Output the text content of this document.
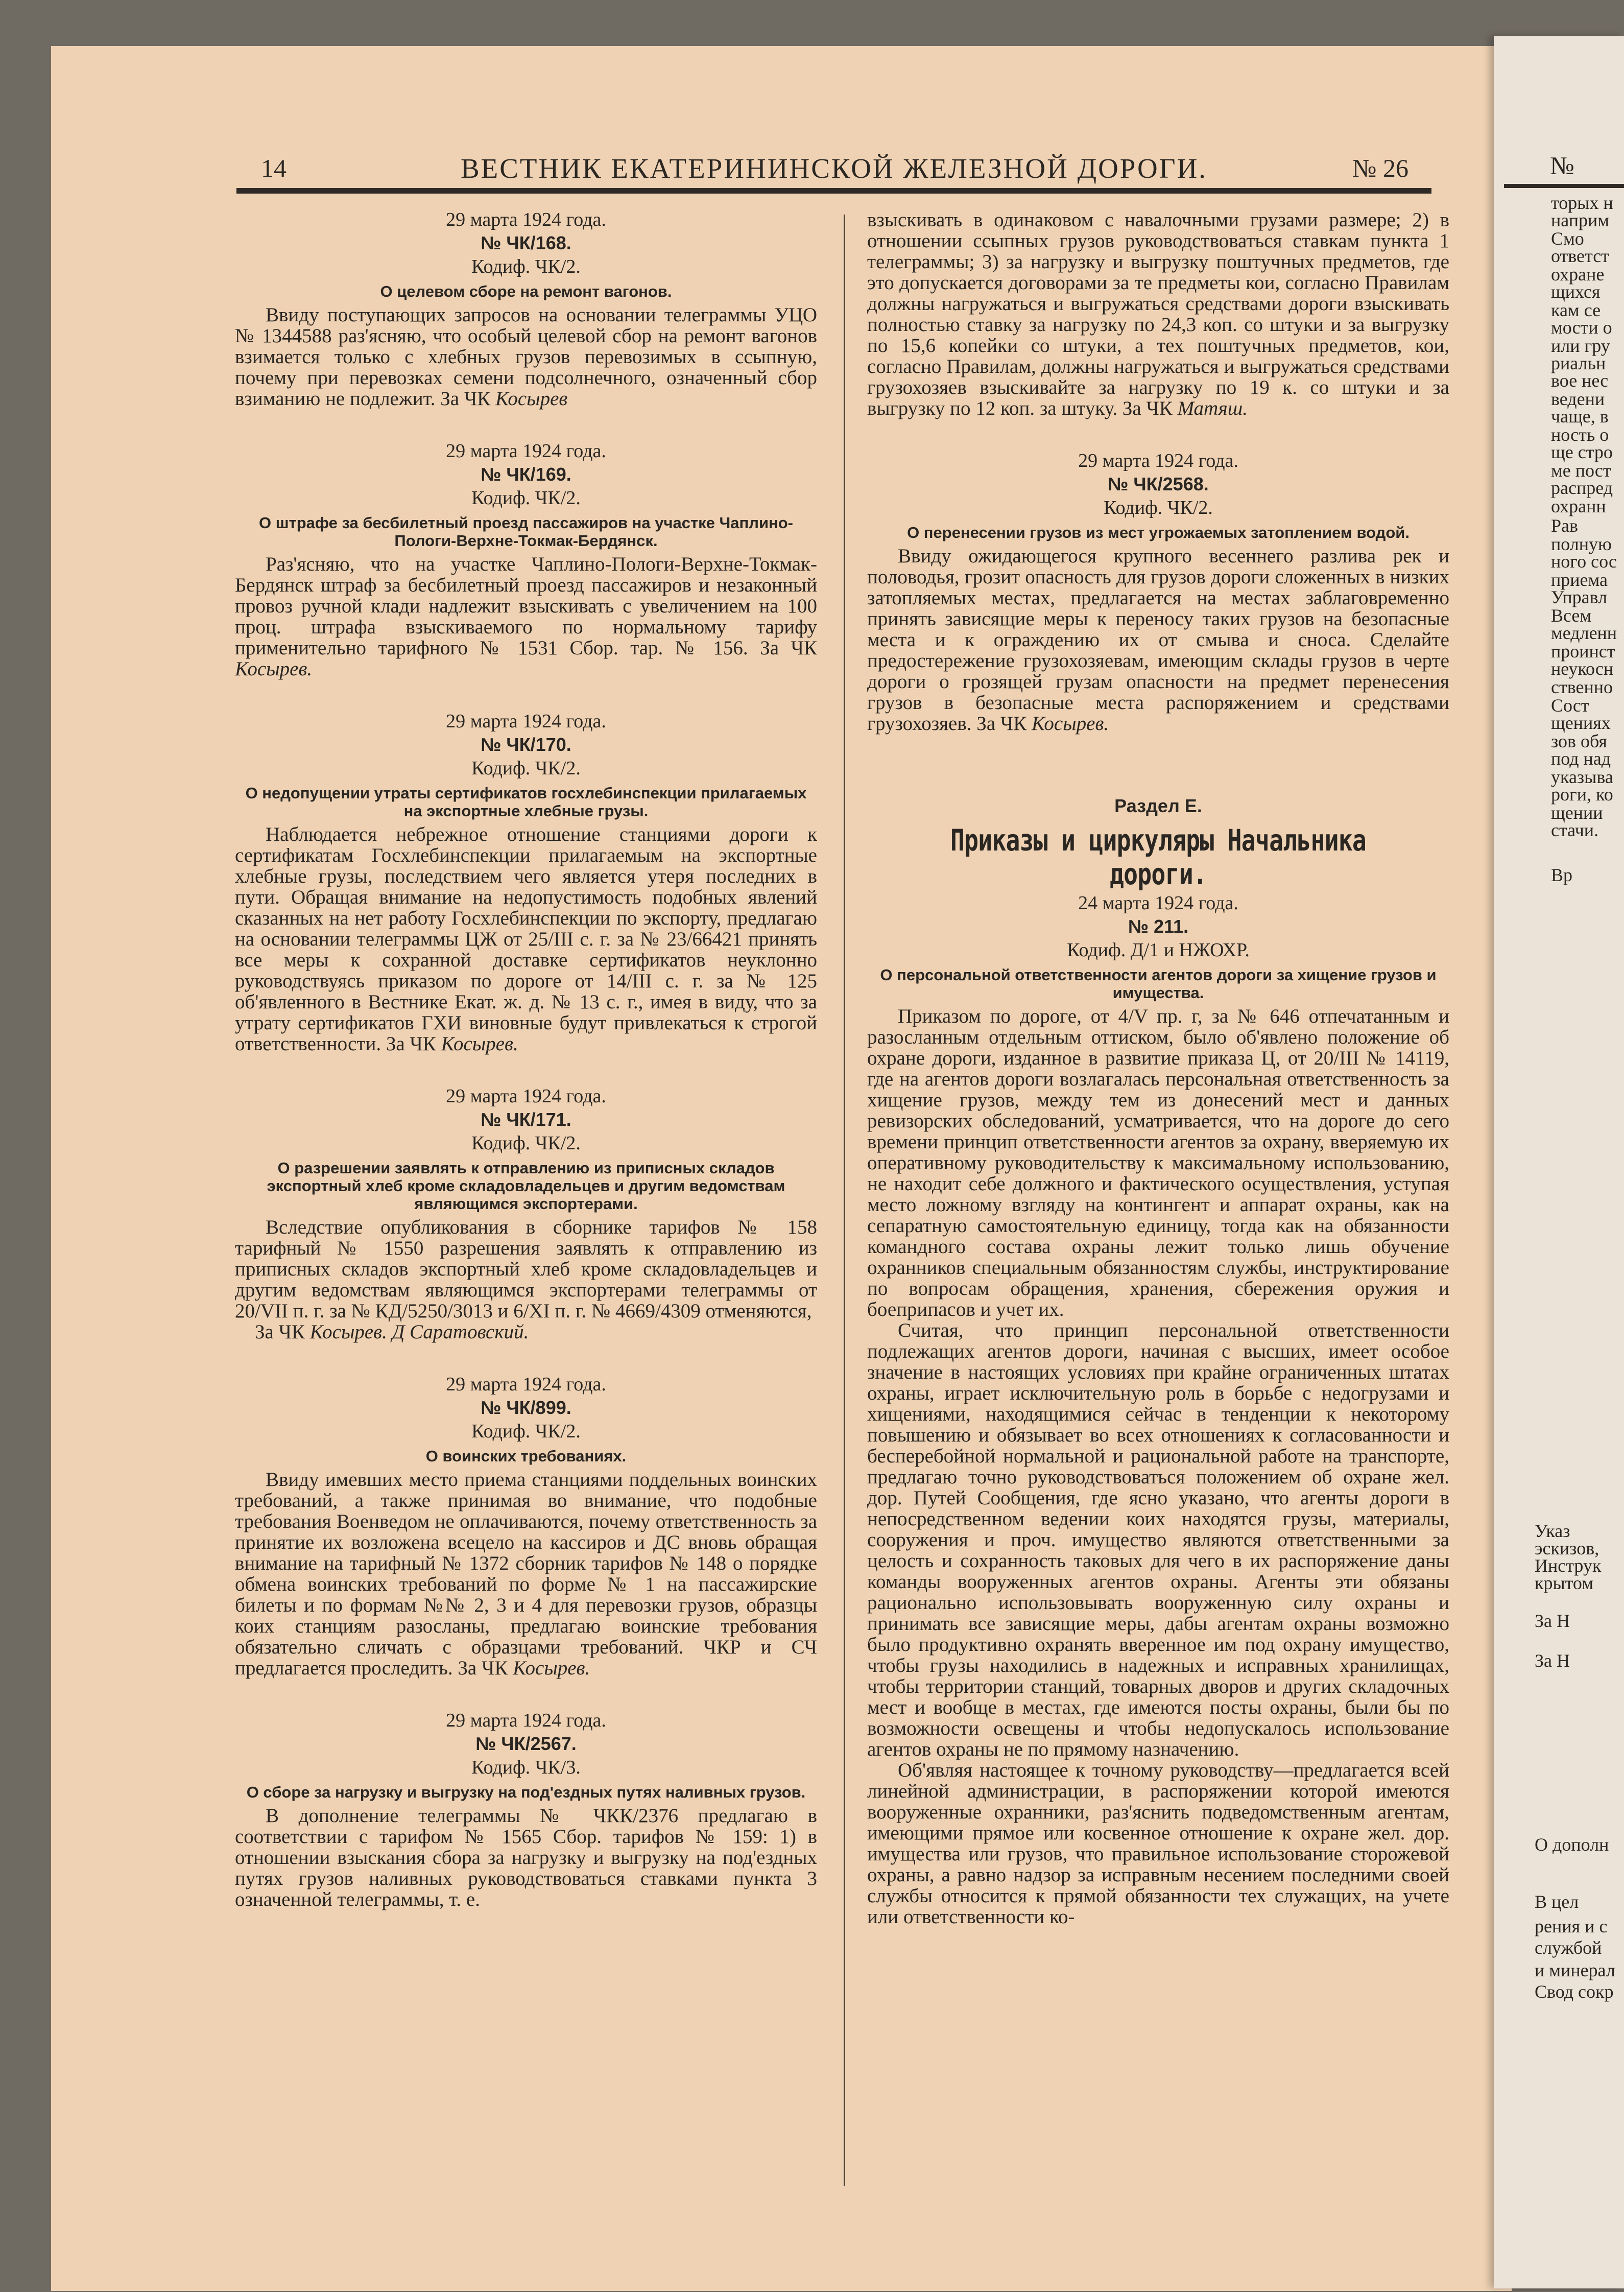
14	ВЕСТНИК ЕКАТЕРИНИНСКОЙ ЖЕЛЕЗНОЙ ДОРОГИ.	№ 26
29 марта 1924 года.
№ ЧК/168.
Кодиф. ЧК/2.
О целевом сборе на ремонт вагонов.

Ввиду поступающих запросов на основании телеграммы УЦО № 1344588 раз'ясняю, что особый целевой сбор на ремонт вагонов взимается только с хлебных грузов перевозимых в ссыпную, почему при перевозках семени подсолнечного, означенный сбор взиманию не подлежит. За ЧК Косырев

29 марта 1924 года.
№ ЧК/169.
Кодиф. ЧК/2.
О штрафе за бесбилетный проезд пассажиров на участке Чаплино-Пологи-Верхне-Токмак-Бердянск.

Раз'ясняю, что на участке Чаплино-Пологи-Верхне-Токмак-Бердянск штраф за бесбилетный проезд пассажиров и незаконный провоз ручной клади надлежит взыскивать с увеличением на 100 проц. штрафа взыскиваемого по нормальному тарифу применительно тарифного № 1531 Сбор. тар. № 156. За ЧК Косырев.

29 марта 1924 года.
№ ЧК/170.
Кодиф. ЧК/2.
О недопущении утраты сертификатов госхлебинспекции прилагаемых на экспортные хлебные грузы.

Наблюдается небрежное отношение станциями дороги к сертификатам Госхлебинспекции прилагаемым на экспортные хлебные грузы, последствием чего является утеря последних в пути. Обращая внимание на недопустимость подобных явлений сказанных на нет работу Госхлебинспекции по экспорту, предлагаю на основании телеграммы ЦЖ от 25/III с. г. за № 23/66421 принять все меры к сохранной доставке сертификатов неуклонно руководствуясь приказом по дороге от 14/III с. г. за № 125 об'явленного в Вестнике Екат. ж. д. № 13 с. г., имея в виду, что за утрату сертификатов ГХИ виновные будут привлекаться к строгой ответственности. За ЧК Косырев.

29 марта 1924 года.
№ ЧК/171.
Кодиф. ЧК/2.
О разрешении заявлять к отправлению из приписных складов экспортный хлеб кроме складовладельцев и другим ведомствам являющимся экспортерами.

Вследствие опубликования в сборнике тарифов № 158 тарифный № 1550 разрешения заявлять к отправлению из приписных складов экспортный хлеб кроме складовладельцев и другим ведомствам являющимся экспортерами телеграммы от 20/VII п. г. за № КД/5250/3013 и 6/XI п. г. № 4669/4309 отменяются,
За ЧК Косырев. Д Саратовский.

29 марта 1924 года.
№ ЧК/899.
Кодиф. ЧК/2.
О воинских требованиях.

Ввиду имевших место приема станциями поддельных воинских требований, а также принимая во внимание, что подобные требования Военведом не оплачиваются, почему ответственность за принятие их возложена всецело на кассиров и ДС вновь обращая внимание на тарифный № 1372 сборник тарифов № 148 о порядке обмена воинских требований по форме № 1 на пассажирские билеты и по формам №№ 2, 3 и 4 для перевозки грузов, образцы коих станциям разосланы, предлагаю воинские требования обязательно сличать с образцами требований. ЧКР и СЧ предлагается проследить. За ЧК Косырев.

29 марта 1924 года.
№ ЧК/2567.
Кодиф. ЧК/3.
О сборе за нагрузку и выгрузку на под'ездных путях наливных грузов.

В дополнение телеграммы № ЧКК/2376 предлагаю в соответствии с тарифом № 1565 Сбор. тарифов № 159: 1) в отношении взыскания сбора за нагрузку и выгрузку на под'ездных путях грузов наливных руководствоваться ставками пункта 3 означенной телеграммы, т. е.

взыскивать в одинаковом с навалочными грузами размере; 2) в отношении ссыпных грузов руководствоваться ставкам пункта 1 телеграммы; 3) за нагрузку и выгрузку поштучных предметов, где это допускается договорами за те предметы кои, согласно Правилам должны нагружаться и выгружаться средствами дороги взыскивать полностью ставку за нагрузку по 24,3 коп. со штуки и за выгрузку по 15,6 копейки со штуки, а тех поштучных предметов, кои, согласно Правилам, должны нагружаться и выгружаться средствами грузохозяев взыскивайте за нагрузку по 19 к. со штуки и за выгрузку по 12 коп. за штуку. За ЧК Матяш.

29 марта 1924 года.
№ ЧК/2568.
Кодиф. ЧК/2.
О перенесении грузов из мест угрожаемых затоплением водой.

Ввиду ожидающегося крупного весеннего разлива рек и половодья, грозит опасность для грузов дороги сложенных в низких затопляемых местах, предлагается на местах заблаговременно принять зависящие меры к переносу таких грузов на безопасные места и к ограждению их от смыва и сноса. Сделайте предостережение грузохозяевам, имеющим склады грузов в черте дороги о грозящей грузам опасности на предмет перенесения грузов в безопасные места распоряжением и средствами грузохозяев. За ЧК Косырев.

Раздел Е.
Приказы и циркуляры Начальника дороги.
24 марта 1924 года.
№ 211.
Кодиф. Д/1 и НЖОХР.
О персональной ответственности агентов дороги за хищение грузов и имущества.

Приказом по дороге, от 4/V пр. г, за № 646 отпечатанным и разосланным отдельным оттиском, было об'явлено положение об охране дороги, изданное в развитие приказа Ц, от 20/III № 14119, где на агентов дороги возлагалась персональная ответственность за хищение грузов, между тем из донесений мест и данных ревизорских обследований, усматривается, что на дороге до сего времени принцип ответственности агентов за охрану, вверяемую их оперативному руководительству к максимальному использованию, не находит себе должного и фактического осуществления, уступая место ложному взгляду на контингент и аппарат охраны, как на сепаратную самостоятельную единицу, тогда как на обязанности командного состава охраны лежит только лишь обучение охранников специальным обязанностям службы, инструктирование по вопросам обращения, хранения, сбережения оружия и боеприпасов и учет их.

Считая, что принцип персональной ответственности подлежащих агентов дороги, начиная с высших, имеет особое значение в настоящих условиях при крайне ограниченных штатах охраны, играет исключительную роль в борьбе с недогрузами и хищениями, находящимися сейчас в тенденции к некоторому повышению и обязывает во всех отношениях к согласованности и бесперебойной нормальной и рациональной работе на транспорте, предлагаю точно руководствоваться положением об охране жел. дор. Путей Сообщения, где ясно указано, что агенты дороги в непосредственном ведении коих находятся грузы, материалы, сооружения и проч. имущество являются ответственными за целость и сохранность таковых для чего в их распоряжение даны команды вооруженных агентов охраны. Агенты эти обязаны рационально использовывать вооруженную силу охраны и принимать все зависящие меры, дабы агентам охраны возможно было продуктивно охранять вверенное им под охрану имущество, чтобы грузы находились в надежных и исправных хранилищах, чтобы территории станций, товарных дворов и других складочных мест и вообще в местах, где имеются посты охраны, были бы по возможности освещены и чтобы недопускалось использование агентов охраны не по прямому назначению.

Об'являя настоящее к точному руководству—предлагается всей линейной администрации, в распоряжении которой имеются вооруженные охранники, раз'яснить подведомственным агентам, имеющими прямое или косвенное отношение к охране жел. дор. имущества или грузов, что правильное использование сторожевой охраны, а равно надзор за исправным несением последними своей службы относится к прямой обязанности тех служащих, на учете или ответственности ко-

№
торых н
наприм
Смо
ответст
охране
щихся
кам се
мости о
или гру
риальн
вое нес
ведени
чаще, в
ность о
ще стро
ме пост
распред
охранн
Рав
полную
ного сос
приема
Управл
Всем
медленн
проинст
неукосн
ственно
Сост
щениях
зов обя
под над
указыва
роги, ко
щении
стачи.
Вр
Указ
эскизов,
Инструк
крытом
За Н
За Н
О дополн
В цел
рения и с
службой
и минерал
Свод сокр
